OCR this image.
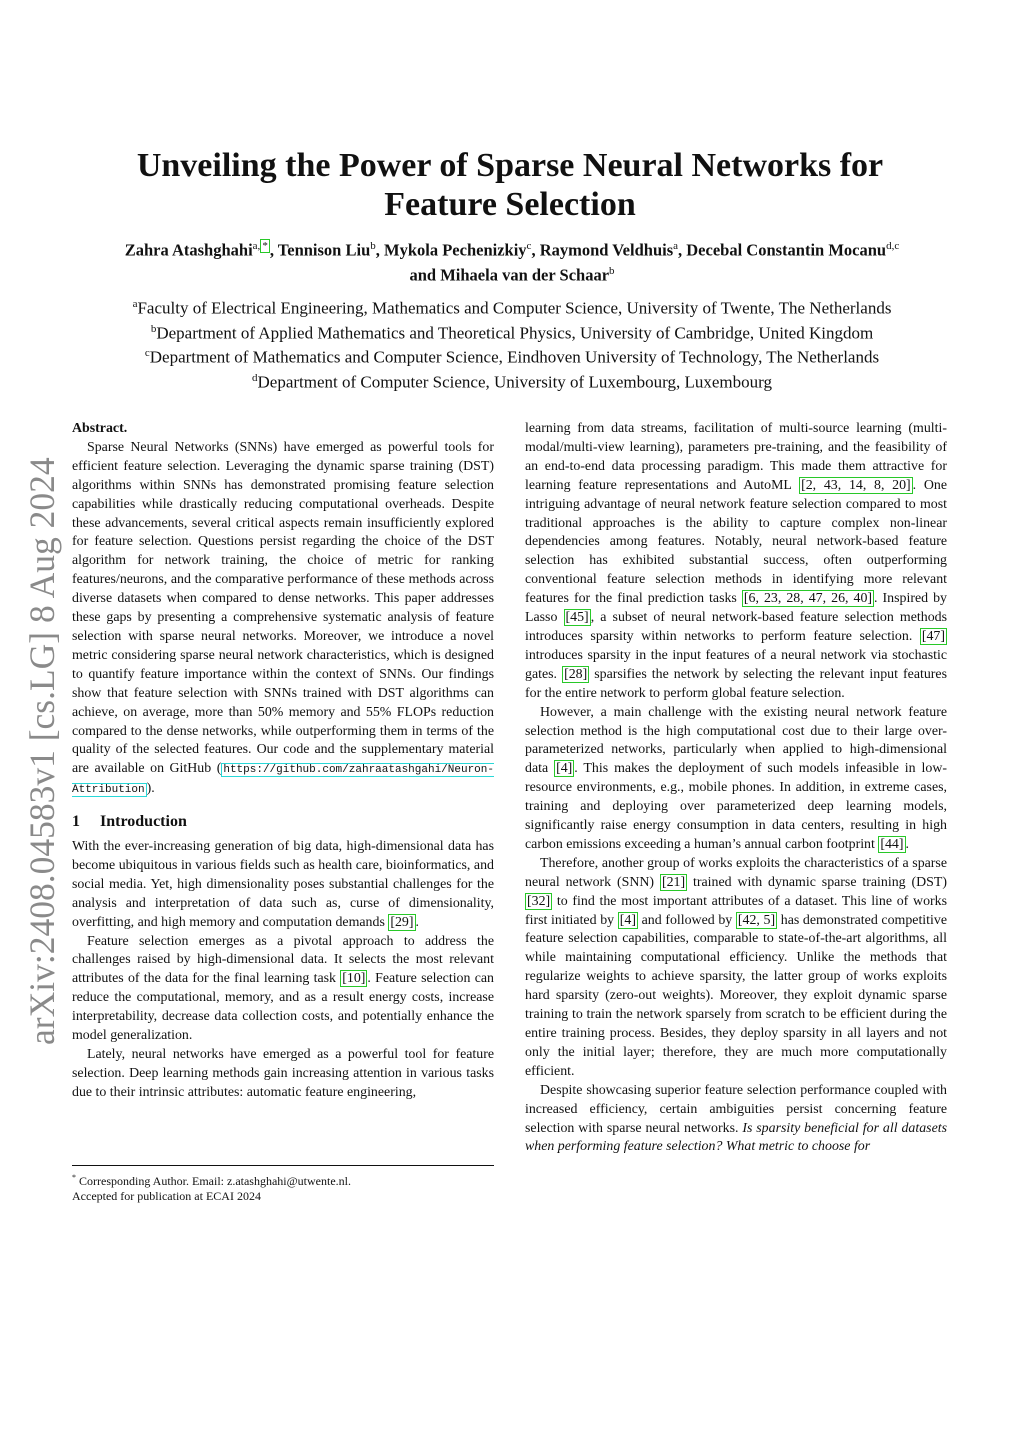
arXiv:2408.04583v1 [cs.LG] 8 Aug 2024
Unveiling the Power of Sparse Neural Networks for
Feature Selection
Zahra Atashghahi$^{a, *}$ , Tennison Liu$^b$, Mykola Pechenizkiy$^c$, Raymond Veldhuis$^a$, Decebal Constantin Mocanu$^{d,c}$
and Mihaela van der Schaar$^b$
$^a$Faculty of Electrical Engineering, Mathematics and Computer Science, University of Twente, The Netherlands
$^b$Department of Applied Mathematics and Theoretical Physics, University of Cambridge, United Kingdom
$^c$Department of Mathematics and Computer Science, Eindhoven University of Technology, The Netherlands
$^d$Department of Computer Science, University of Luxembourg, Luxembourg

Abstract.

Sparse Neural Networks (SNNs) have emerged as powerful tools for efficient feature selection. Leveraging the dynamic sparse training (DST) algorithms within SNNs has demonstrated promising feature selection capabilities while drastically reducing computational overheads. Despite these advancements, several critical aspects remain insufficiently explored for feature selection. Questions persist regarding the choice of the DST algorithm for network training, the choice of metric for ranking features/neurons, and the comparative performance of these methods across diverse datasets when compared to dense networks. This paper addresses these gaps by presenting a comprehensive systematic analysis of feature selection with sparse neural networks. Moreover, we introduce a novel metric considering sparse neural network characteristics, which is designed to quantify feature importance within the context of SNNs. Our findings show that feature selection with SNNs trained with DST algorithms can achieve, on average, more than 50% memory and 55% FLOPs reduction compared to the dense networks, while outperforming them in terms of the quality of the selected features. Our code and the supplementary material are available on GitHub ( https://github.com/zahraatashgahi/Neuron-Attribution ).

1 Introduction

With the ever-increasing generation of big data, high-dimensional data has become ubiquitous in various fields such as health care, bioinformatics, and social media. Yet, high dimensionality poses substantial challenges for the analysis and interpretation of data such as, curse of dimensionality, overfitting, and high memory and computation demands [29] .

Feature selection emerges as a pivotal approach to address the challenges raised by high-dimensional data. It selects the most relevant attributes of the data for the final learning task [10] . Feature selection can reduce the computational, memory, and as a result energy costs, increase interpretability, decrease data collection costs, and potentially enhance the model generalization.

Lately, neural networks have emerged as a powerful tool for feature selection. Deep learning methods gain increasing attention in various tasks due to their intrinsic attributes: automatic feature engineering,

learning from data streams, facilitation of multi-source learning (multi-modal/multi-view learning), parameters pre-training, and the feasibility of an end-to-end data processing paradigm. This made them attractive for learning feature representations and AutoML [2, 43, 14, 8, 20] . One intriguing advantage of neural network feature selection compared to most traditional approaches is the ability to capture complex non-linear dependencies among features. Notably, neural network-based feature selection has exhibited substantial success, often outperforming conventional feature selection methods in identifying more relevant features for the final prediction tasks [6, 23, 28, 47, 26, 40] . Inspired by Lasso [45] , a subset of neural network-based feature selection methods introduces sparsity within networks to perform feature selection. [47] introduces sparsity in the input features of a neural network via stochastic gates. [28] sparsifies the network by selecting the relevant input features for the entire network to perform global feature selection.

However, a main challenge with the existing neural network feature selection method is the high computational cost due to their large over-parameterized networks, particularly when applied to high-dimensional data [4] . This makes the deployment of such models infeasible in low-resource environments, e.g., mobile phones. In addition, in extreme cases, training and deploying over parameterized deep learning models, significantly raise energy consumption in data centers, resulting in high carbon emissions exceeding a human’s annual carbon footprint [44] .

Therefore, another group of works exploits the characteristics of a sparse neural network (SNN) [21] trained with dynamic sparse training (DST) [32] to find the most important attributes of a dataset. This line of works first initiated by [4] and followed by [42, 5] has demonstrated competitive feature selection capabilities, comparable to state-of-the-art algorithms, all while maintaining computational efficiency. Unlike the methods that regularize weights to achieve sparsity, the latter group of works exploits hard sparsity (zero-out weights). Moreover, they exploit dynamic sparse training to train the network sparsely from scratch to be efficient during the entire training process. Besides, they deploy sparsity in all layers and not only the initial layer; therefore, they are much more computationally efficient.

Despite showcasing superior feature selection performance coupled with increased efficiency, certain ambiguities persist concerning feature selection with sparse neural networks. Is sparsity beneficial for all datasets when performing feature selection? What metric to choose for

* Corresponding Author. Email: z.atashghahi@utwente.nl.
Accepted for publication at ECAI 2024
